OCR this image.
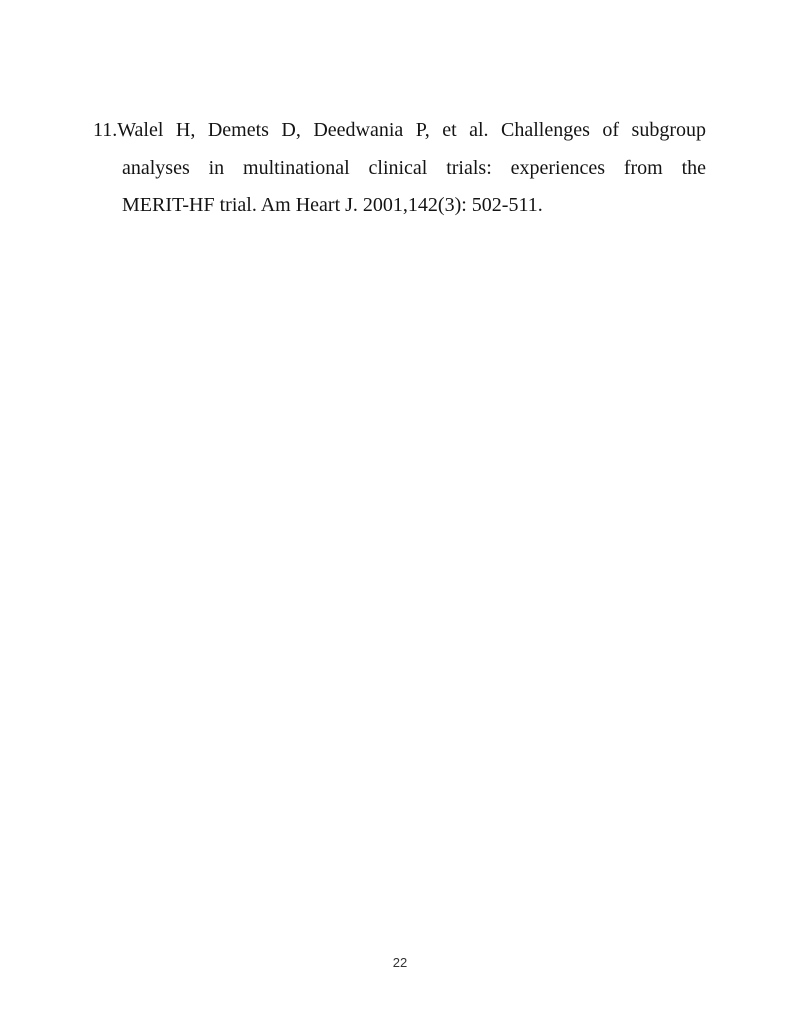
11.Walel H, Demets D, Deedwania P, et al. Challenges of subgroup
analyses in multinational clinical trials: experiences from the
MERIT-HF trial. Am Heart J. 2001,142(3): 502-511.
22
